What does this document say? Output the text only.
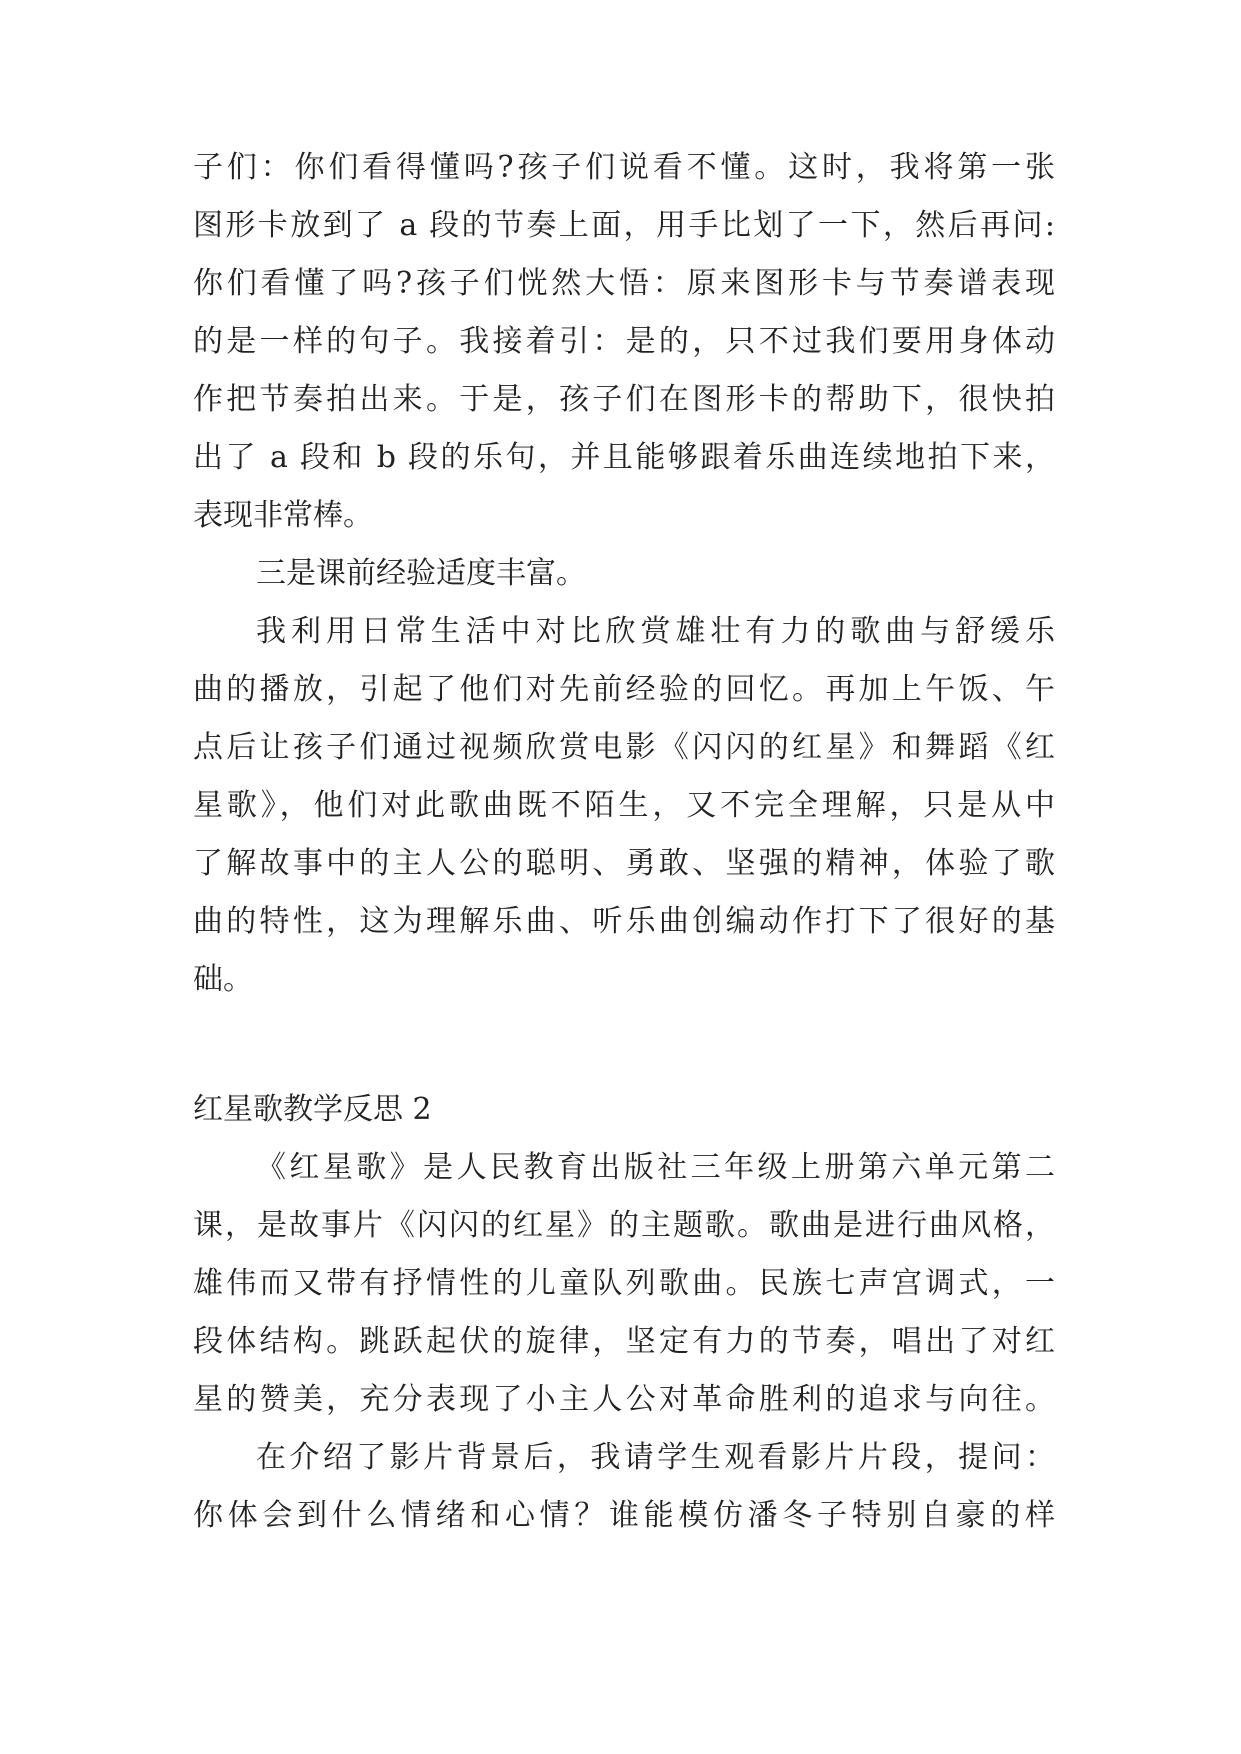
子们：你们看得懂吗?孩子们说看不懂。这时，我将第一张
图形卡放到了 a 段的节奏上面，用手比划了一下，然后再问:
你们看懂了吗?孩子们恍然大悟：原来图形卡与节奏谱表现
的是一样的句子。我接着引：是的，只不过我们要用身体动
作把节奏拍出来。于是，孩子们在图形卡的帮助下，很快拍
出了 a 段和 b 段的乐句，并且能够跟着乐曲连续地拍下来，
表现非常棒。
三是课前经验适度丰富。
我利用日常生活中对比欣赏雄壮有力的歌曲与舒缓乐
曲的播放，引起了他们对先前经验的回忆。再加上午饭、午
点后让孩子们通过视频欣赏电影《闪闪的红星》和舞蹈《红
星歌》，他们对此歌曲既不陌生，又不完全理解，只是从中
了解故事中的主人公的聪明、勇敢、坚强的精神，体验了歌
曲的特性，这为理解乐曲、听乐曲创编动作打下了很好的基
础。
红星歌教学反思 2
《红星歌》是人民教育出版社三年级上册第六单元第二
课，是故事片《闪闪的红星》的主题歌。歌曲是进行曲风格，
雄伟而又带有抒情性的儿童队列歌曲。民族七声宫调式，一
段体结构。跳跃起伏的旋律，坚定有力的节奏，唱出了对红
星的赞美，充分表现了小主人公对革命胜利的追求与向往。
在介绍了影片背景后，我请学生观看影片片段，提问：
你体会到什么情绪和心情？谁能模仿潘冬子特别自豪的样
